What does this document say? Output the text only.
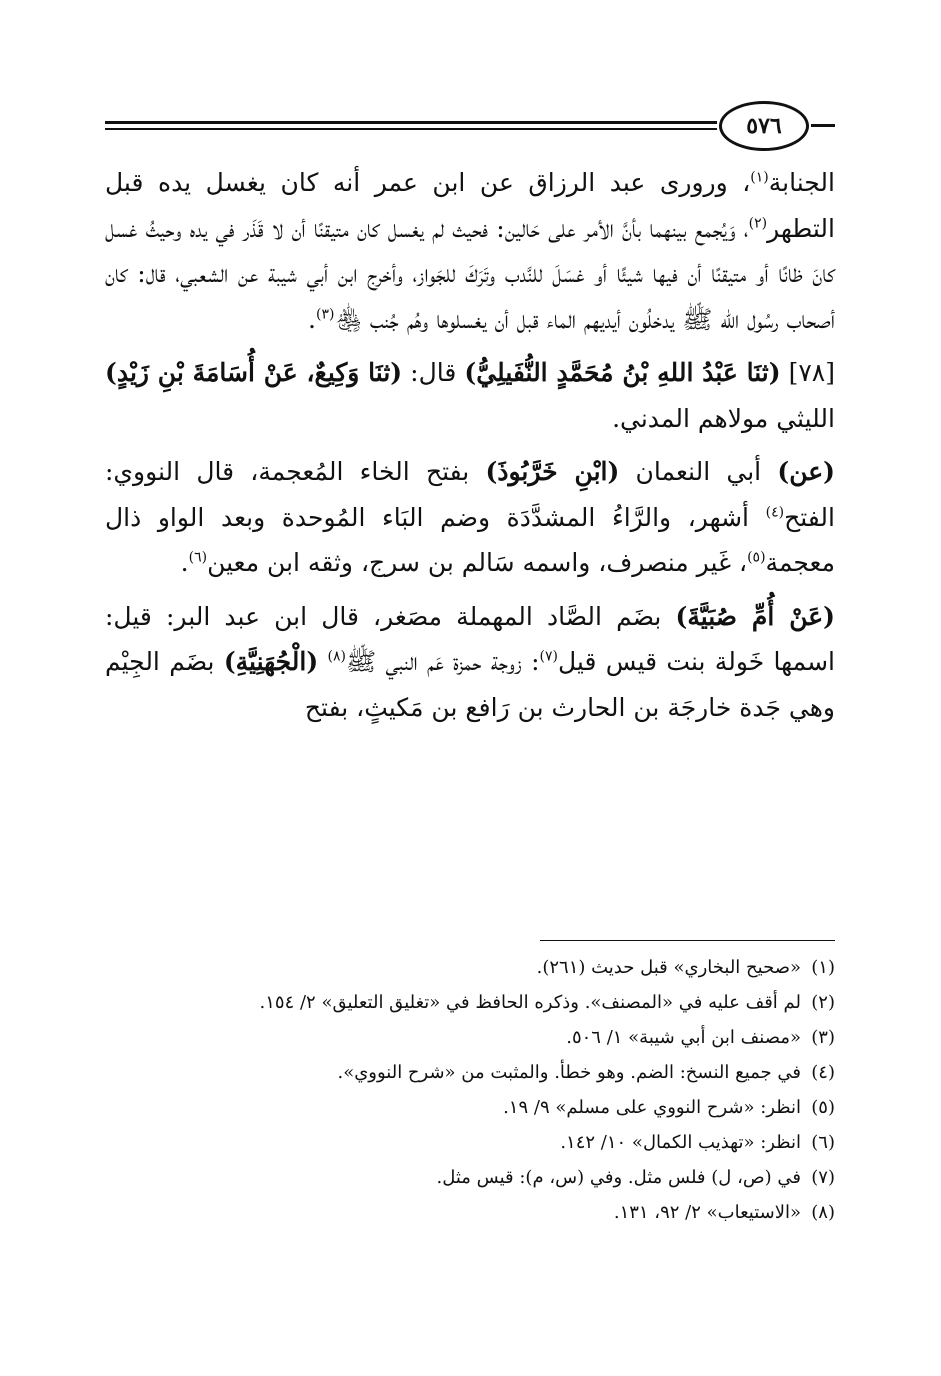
٥٧٦

الجنابة$^{(١)}$، ورورى عبد الرزاق عن ابن عمر أنه كان يغسل يده قبل التطهر$^{(٢)}$، وَيُجمع بينهما بأنَّ الأمر على حَالين: فحيث لم يغسل كان متيقنًا أن لا قَذَر في يده وحيثُ غسل كانَ ظانًا أو متيقنًا أن فيها شيئًا أو غسَلَ للنَّدب وتَرَكَ للجَواز، وأخرج ابن أبي شيبة عن الشعبي، قال: كان أصحاب رسُول الله ﷺ يدخلُون أيديهم الماء قبل أن يغسلوها وهُم جُنب ﵃$^{(٣)}$.

[٧٨] (ثنَا عَبْدُ اللهِ بْنُ مُحَمَّدٍ النُّفَيلِيُّ) قال: (ثنَا وَكِيعٌ، عَنْ أُسَامَةَ بْنِ زَيْدٍ) الليثي مولاهم المدني.

(عن) أبي النعمان (ابْنِ خَرَّبُوذَ) بفتح الخاء المُعجمة، قال النووي: الفتح$^{(٤)}$ أشهر، والرَّاءُ المشدَّدَة وضم البَاء المُوحدة وبعد الواو ذال معجمة$^{(٥)}$، غَير منصرف، واسمه سَالم بن سرج، وثقه ابن معين$^{(٦)}$.

(عَنْ أُمِّ صُبَيَّةَ) بضَم الصَّاد المهملة مصَغر، قال ابن عبد البر: قيل: اسمها خَولة بنت قيس قيل$^{(٧)}$: زوجة حمزة عَم النبي ﷺ$^{(٨)}$ (الْجُهَنِيَّةِ) بضَم الجِيْم وهي جَدة خارجَة بن الحارث بن رَافع بن مَكيثٍ، بفتح

(١)«صحيح البخاري» قبل حديث (٢٦١).
(٢)لم أقف عليه في «المصنف». وذكره الحافظ في «تغليق التعليق» ٢/ ١٥٤.
(٣)«مصنف ابن أبي شيبة» ١/ ٥٠٦.
(٤)في جميع النسخ: الضم. وهو خطأ. والمثبت من «شرح النووي».
(٥)انظر: «شرح النووي على مسلم» ٩/ ١٩.
(٦)انظر: «تهذيب الكمال» ١٠/ ١٤٢.
(٧)في (ص، ل) فلس مثل. وفي (س، م): قيس مثل.
(٨)«الاستيعاب» ٢/ ٩٢، ١٣١.
